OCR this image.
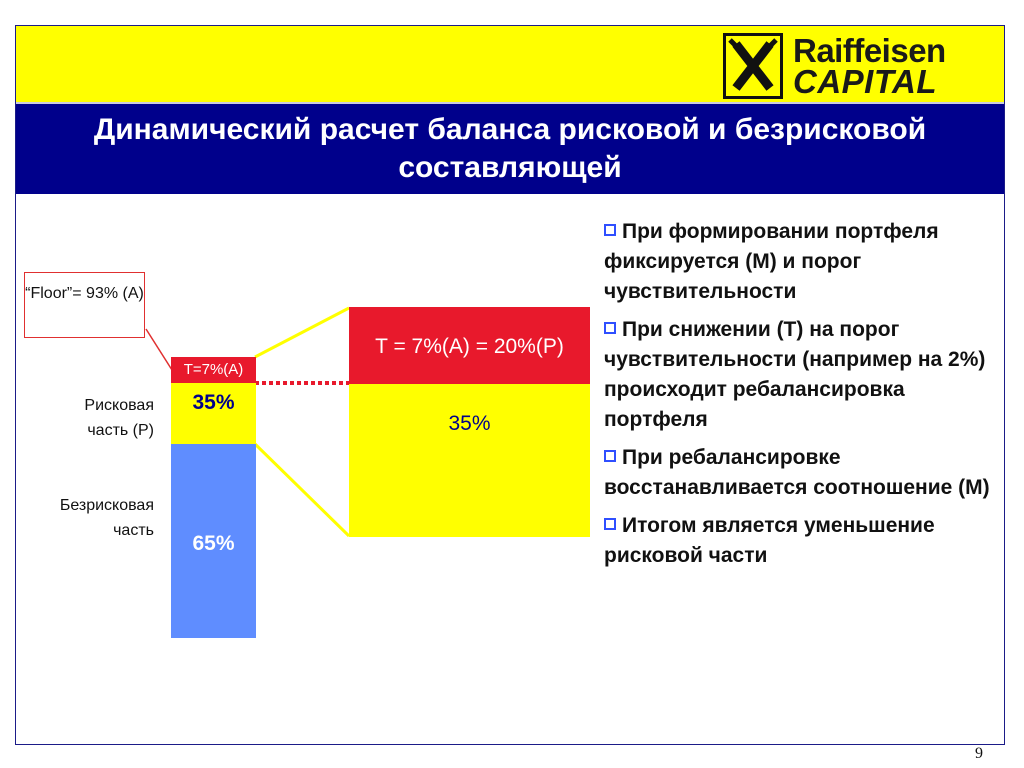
Raiffeisen
CAPITAL
Динамический расчет баланса рисковой и безрисковой составляющей
“Floor”= 93% (A)
Рисковая часть (Р)
Безрисковая часть
T=7%(A)
35%
65%
T = 7%(A) = 20%(P)
35%
При формировании портфеля фиксируется (М) и порог чувствительности
При снижении (Т) на порог чувствительности (например на 2%) происходит ребалансировка портфеля
При ребалансировке восстанавливается соотношение (М)
Итогом является уменьшение рисковой части
9
